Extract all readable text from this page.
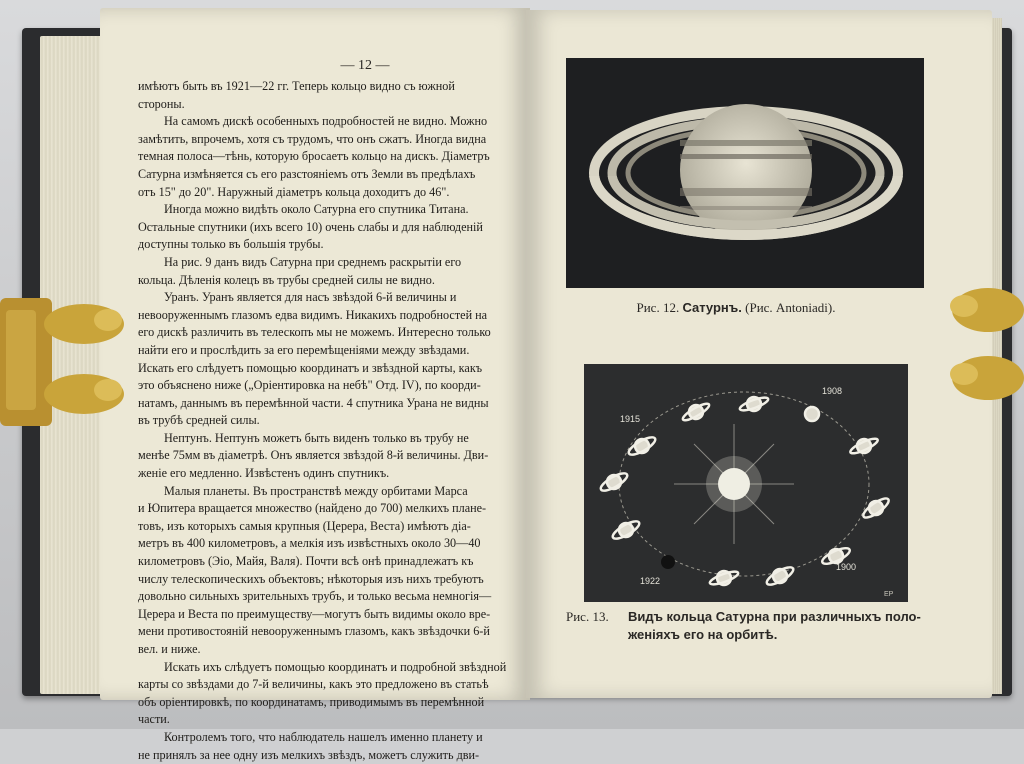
— 12 —

имѣютъ быть въ 1921—22 гг. Теперь кольцо видно съ южной

стороны.

На самомъ дискѣ особенныхъ подробностей не видно. Можно

замѣтить, впрочемъ, хотя съ трудомъ, что онъ сжатъ. Иногда видна

темная полоса—тѣнь, которую бросаетъ кольцо на дискъ. Діаметръ

Сатурна измѣняется съ его разстояніемъ отъ Земли въ предѣлахъ

отъ 15" до 20". Наружный діаметръ кольца доходитъ до 46".

Иногда можно видѣть около Сатурна его спутника Титана.

Остальные спутники (ихъ всего 10) очень слабы и для наблюденій

доступны только въ большія трубы.

На рис. 9 данъ видъ Сатурна при среднемъ раскрытіи его

кольца. Дѣленія колецъ въ трубы средней силы не видно.

Уранъ. Уранъ является для насъ звѣздой 6-й величины и

невооруженнымъ глазомъ едва видимъ. Никакихъ подробностей на

его дискѣ различить въ телескопъ мы не можемъ. Интересно только

найти его и прослѣдить за его перемѣщеніями между звѣздами.

Искать его слѣдуетъ помощью координатъ и звѣздной карты, какъ

это объяснено ниже („Оріентировка на небѣ" Отд. IV), по коорди-

натамъ, даннымъ въ перемѣнной части. 4 спутника Урана не видны

въ трубѣ средней силы.

Нептунъ. Нептунъ можетъ быть виденъ только въ трубу не

менѣе 75мм въ діаметрѣ. Онъ является звѣздой 8-й величины. Дви-

женіе его медленно. Извѣстенъ одинъ спутникъ.

Малыя планеты. Въ пространствѣ между орбитами Марса

и Юпитера вращается множество (найдено до 700) мелкихъ плане-

товъ, изъ которыхъ самыя крупныя (Церера, Веста) имѣютъ діа-

метръ въ 400 километровъ, а мелкія изъ извѣстныхъ около 30—40

километровъ (Эіо, Майя, Валя). Почти всѣ онѣ принадлежатъ къ

числу телескопическихъ объектовъ; нѣкоторыя изъ нихъ требуютъ

довольно сильныхъ зрительныхъ трубъ, и только весьма немногія—

Церера и Веста по преимуществу—могутъ быть видимы около вре-

мени противостояній невооруженнымъ глазомъ, какъ звѣздочки 6-й

вел. и ниже.

Искать ихъ слѣдуетъ помощью координатъ и подробной звѣздной

карты со звѣздами до 7-й величины, какъ это предложено въ статьѣ

объ оріентировкѣ, по координатамъ, приводимымъ въ перемѣнной

части.

Контролемъ того, что наблюдатель нашелъ именно планету и

не принялъ за нее одну изъ мелкихъ звѣздъ, можетъ служить дви-

Рис. 12. Сатурнъ. (Рис. Antoniadi).
1915
1908
1900
1922
ЕР
Рис. 13. Видъ кольца Сатурна при различныхъ поло-
женіяхъ его на орбитѣ.
